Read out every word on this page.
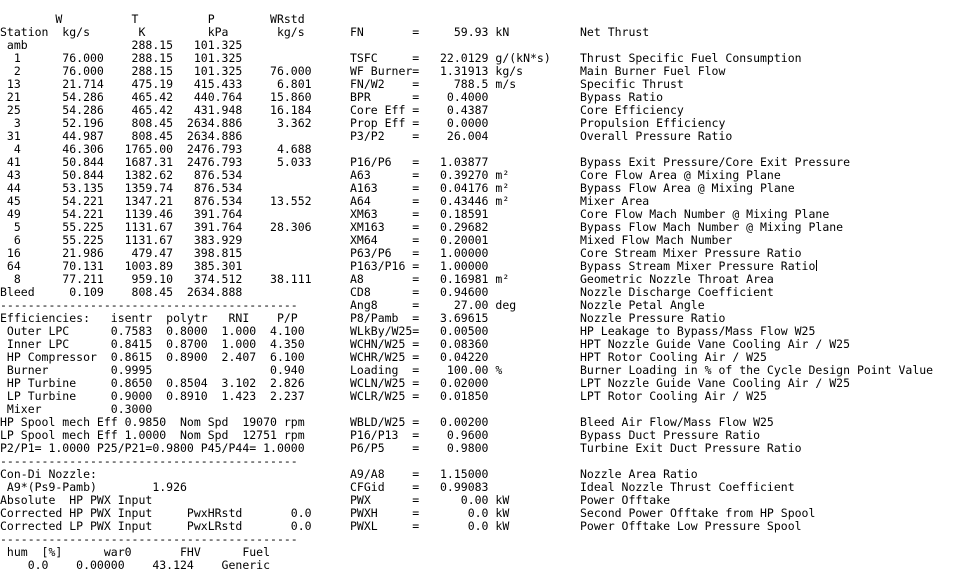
W          T          P        WRstd
Station  kg/s       K         kPa       kg/s	FN       =     59.93 kN	Net Thrust
amb               288.15   101.325
1      76.000    288.15   101.325	TSFC     =   22.0129 g/(kN*s)	Thrust Specific Fuel Consumption
2      76.000    288.15   101.325    76.000	WF Burner=   1.31913 kg/s	Main Burner Fuel Flow
13      21.714    475.19   415.433     6.801	FN/W2    =     788.5 m/s	Specific Thrust
21      54.286    465.42   440.764    15.860	BPR      =    0.4000	Bypass Ratio
25      54.286    465.42   431.948    16.184	Core Eff =    0.4387	Core Efficiency
3      52.196    808.45  2634.886     3.362	Prop Eff =    0.0000	Propulsion Efficiency
31      44.987    808.45  2634.886	P3/P2    =    26.004	Overall Pressure Ratio
4      46.306   1765.00  2476.793     4.688
41      50.844   1687.31  2476.793     5.033	P16/P6   =   1.03877	Bypass Exit Pressure/Core Exit Pressure
43      50.844   1382.62   876.534	A63      =   0.39270 m²	Core Flow Area @ Mixing Plane
44      53.135   1359.74   876.534	A163     =   0.04176 m²	Bypass Flow Area @ Mixing Plane
45      54.221   1347.21   876.534    13.552	A64      =   0.43446 m²	Mixer Area
49      54.221   1139.46   391.764	XM63     =   0.18591	Core Flow Mach Number @ Mixing Plane
5      55.225   1131.67   391.764    28.306	XM163    =   0.29682	Bypass Flow Mach Number @ Mixing Plane
6      55.225   1131.67   383.929	XM64     =   0.20001	Mixed Flow Mach Number
16      21.986    479.47   398.815	P63/P6   =   1.00000	Core Stream Mixer Pressure Ratio
64      70.131   1003.89   385.301	P163/P16 =   1.00000	Bypass Stream Mixer Pressure Ratio
8      77.211    959.10   374.512    38.111	A8       =   0.16981 m²	Geometric Nozzle Throat Area
Bleed     0.109    808.45  2634.888	CD8      =   0.94600	Nozzle Discharge Coefficient
-------------------------------------------	Ang8     =     27.00 deg	Nozzle Petal Angle
Efficiencies:   isentr  polytr   RNI    P/P	P8/Pamb  =   3.69615	Nozzle Pressure Ratio
Outer LPC      0.7583  0.8000  1.000  4.100	WLkBy/W25=   0.00500	HP Leakage to Bypass/Mass Flow W25
Inner LPC      0.8415  0.8700  1.000  4.350	WCHN/W25 =   0.08360	HPT Nozzle Guide Vane Cooling Air / W25
HP Compressor  0.8615  0.8900  2.407  6.100	WCHR/W25 =   0.04220	HPT Rotor Cooling Air / W25
Burner         0.9995                 0.940	Loading  =    100.00 %	Burner Loading in % of the Cycle Design Point Value
HP Turbine     0.8650  0.8504  3.102  2.826	WCLN/W25 =   0.02000	LPT Nozzle Guide Vane Cooling Air / W25
LP Turbine     0.9000  0.8910  1.423  2.237	WCLR/W25 =   0.01850	LPT Rotor Cooling Air / W25
Mixer          0.3000
HP Spool mech Eff 0.9850  Nom Spd  19070 rpm	WBLD/W25 =   0.00200	Bleed Air Flow/Mass Flow W25
LP Spool mech Eff 1.0000  Nom Spd  12751 rpm	P16/P13  =    0.9600	Bypass Duct Pressure Ratio
P2/P1= 1.0000 P25/P21=0.9800 P45/P44= 1.0000	P6/P5    =    0.9800	Turbine Exit Duct Pressure Ratio
-------------------------------------------
Con-Di Nozzle:	A9/A8    =   1.15000	Nozzle Area Ratio
A9*(Ps9-Pamb)        1.926	CFGid    =   0.99083	Ideal Nozzle Thrust Coefficient
Absolute  HP PWX Input	PWX      =      0.00 kW	Power Offtake
Corrected HP PWX Input     PwxHRstd       0.0	PWXH     =       0.0 kW	Second Power Offtake from HP Spool
Corrected LP PWX Input     PwxLRstd       0.0	PWXL     =       0.0 kW	Power Offtake Low Pressure Spool
-------------------------------------------
hum  [%]      war0       FHV      Fuel
0.0    0.00000    43.124    Generic
